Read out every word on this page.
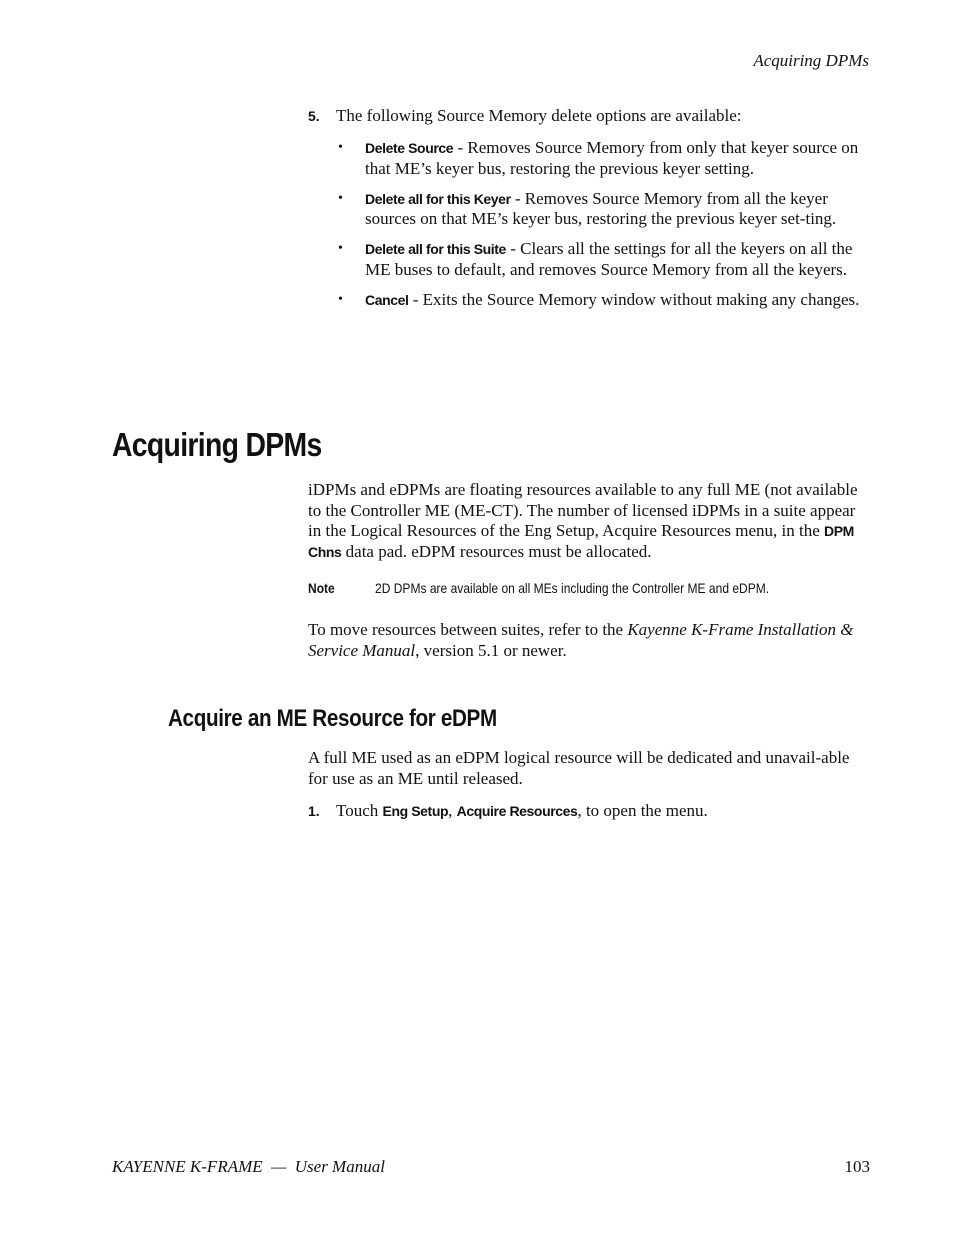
Acquiring DPMs
5. The following Source Memory delete options are available:
• Delete Source - Removes Source Memory from only that keyer source on that ME’s keyer bus, restoring the previous keyer setting.
• Delete all for this Keyer - Removes Source Memory from all the keyer sources on that ME’s keyer bus, restoring the previous keyer set-ting.
• Delete all for this Suite - Clears all the settings for all the keyers on all the ME buses to default, and removes Source Memory from all the keyers.
• Cancel - Exits the Source Memory window without making any changes.
Acquiring DPMs
iDPMs and eDPMs are floating resources available to any full ME (not available to the Controller ME (ME-CT). The number of licensed iDPMs in a suite appear in the Logical Resources of the Eng Setup, Acquire Resources menu, in the DPM Chns data pad. eDPM resources must be allocated.
Note	2D DPMs are available on all MEs including the Controller ME and eDPM.
To move resources between suites, refer to the Kayenne K-Frame Installation & Service Manual, version 5.1 or newer.
Acquire an ME Resource for eDPM
A full ME used as an eDPM logical resource will be dedicated and unavail-able for use as an ME until released.
1. Touch Eng Setup, Acquire Resources, to open the menu.
KAYENNE K-FRAME  —  User Manual	103
